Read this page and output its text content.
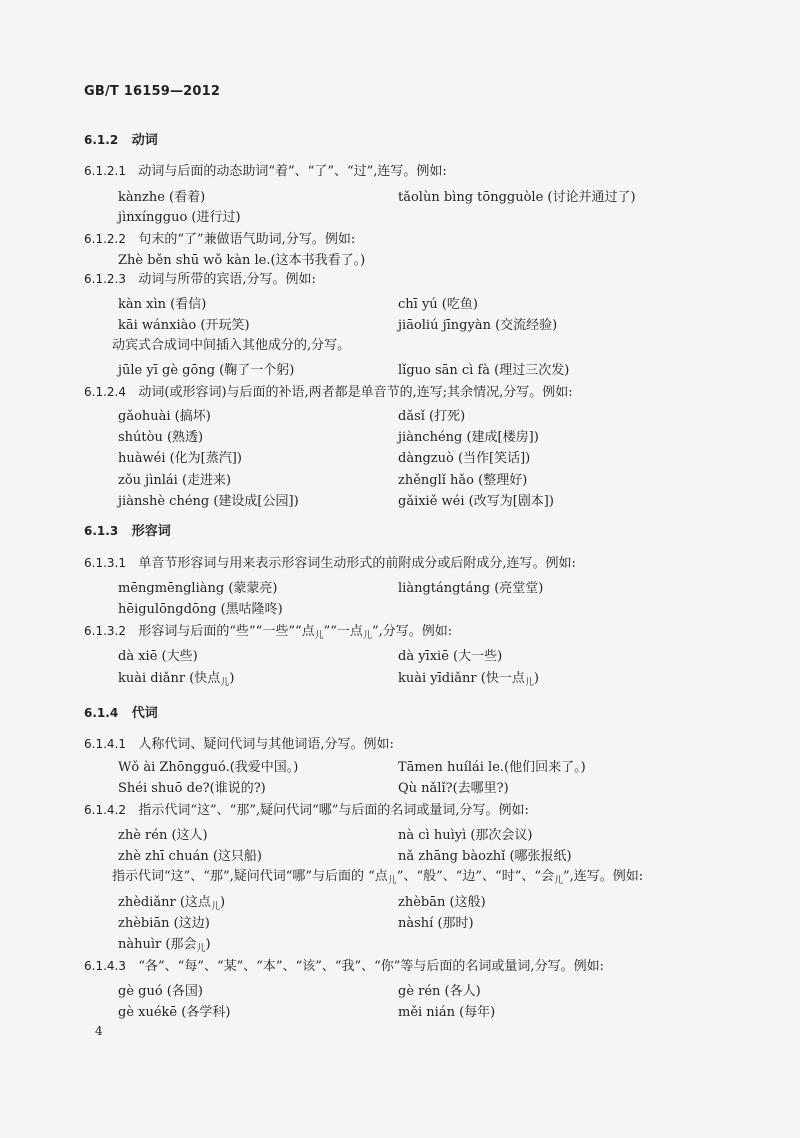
GB/T 16159—2012
6.1.2 动词
6.1.2.1 动词与后面的动态助词“着”、“了”、“过”,连写。例如:
kànzhe (看着)	tǎolùn bìng tōngguòle (讨论并通过了)
jìnxíngguo (进行过)
6.1.2.2 句末的“了”兼做语气助词,分写。例如:
Zhè běn shū wǒ kàn le.(这本书我看了。)
6.1.2.3 动词与所带的宾语,分写。例如:
kàn xìn (看信)	chī yú (吃鱼)
kāi wánxiào (开玩笑)	jiāoliú jīngyàn (交流经验)
动宾式合成词中间插入其他成分的,分写。
jūle yī gè gōng (鞠了一个躬)	lǐguo sān cì fà (理过三次发)
6.1.2.4 动词(或形容词)与后面的补语,两者都是单音节的,连写;其余情况,分写。例如:
gǎohuài (搞坏)	dǎsǐ (打死)
shútòu (熟透)	jiànchéng (建成[楼房])
huàwéi (化为[蒸汽])	dàngzuò (当作[笑话])
zǒu jìnlái (走进来)	zhěnglǐ hǎo (整理好)
jiànshè chéng (建设成[公园])	gǎixiě wéi (改写为[剧本])
6.1.3 形容词
6.1.3.1 单音节形容词与用来表示形容词生动形式的前附成分或后附成分,连写。例如:
mēngmēngliàng (蒙蒙亮)	liàngtángtáng (亮堂堂)
hēigulōngdōng (黑咕隆咚)
6.1.3.2 形容词与后面的“些”“一些”“点$_儿$”“一点$_儿$”,分写。例如:
dà xiē (大些)	dà yīxiē (大一些)
kuài diǎnr (快点$_儿$)	kuài yīdiǎnr (快一点$_儿$)
6.1.4 代词
6.1.4.1 人称代词、疑问代词与其他词语,分写。例如:
Wǒ ài Zhōngguó.(我爱中国。)	Tāmen huílái le.(他们回来了。)
Shéi shuō de?(谁说的?)	Qù nǎlǐ?(去哪里?)
6.1.4.2 指示代词“这”、“那”,疑问代词“哪”与后面的名词或量词,分写。例如:
zhè rén (这人)	nà cì huìyì (那次会议)
zhè zhī chuán (这只船)	nǎ zhāng bàozhǐ (哪张报纸)
指示代词“这”、“那”,疑问代词“哪”与后面的 “点$_儿$”、“般”、“边”、“时”、“会$_儿$”,连写。例如:
zhèdiǎnr (这点$_儿$)	zhèbān (这般)
zhèbiān (这边)	nàshí (那时)
nàhuìr (那会$_儿$)
6.1.4.3 “各”、“每”、“某”、“本”、“该”、“我”、“你”等与后面的名词或量词,分写。例如:
gè guó (各国)	gè rén (各人)
gè xuékē (各学科)	měi nián (每年)
4
